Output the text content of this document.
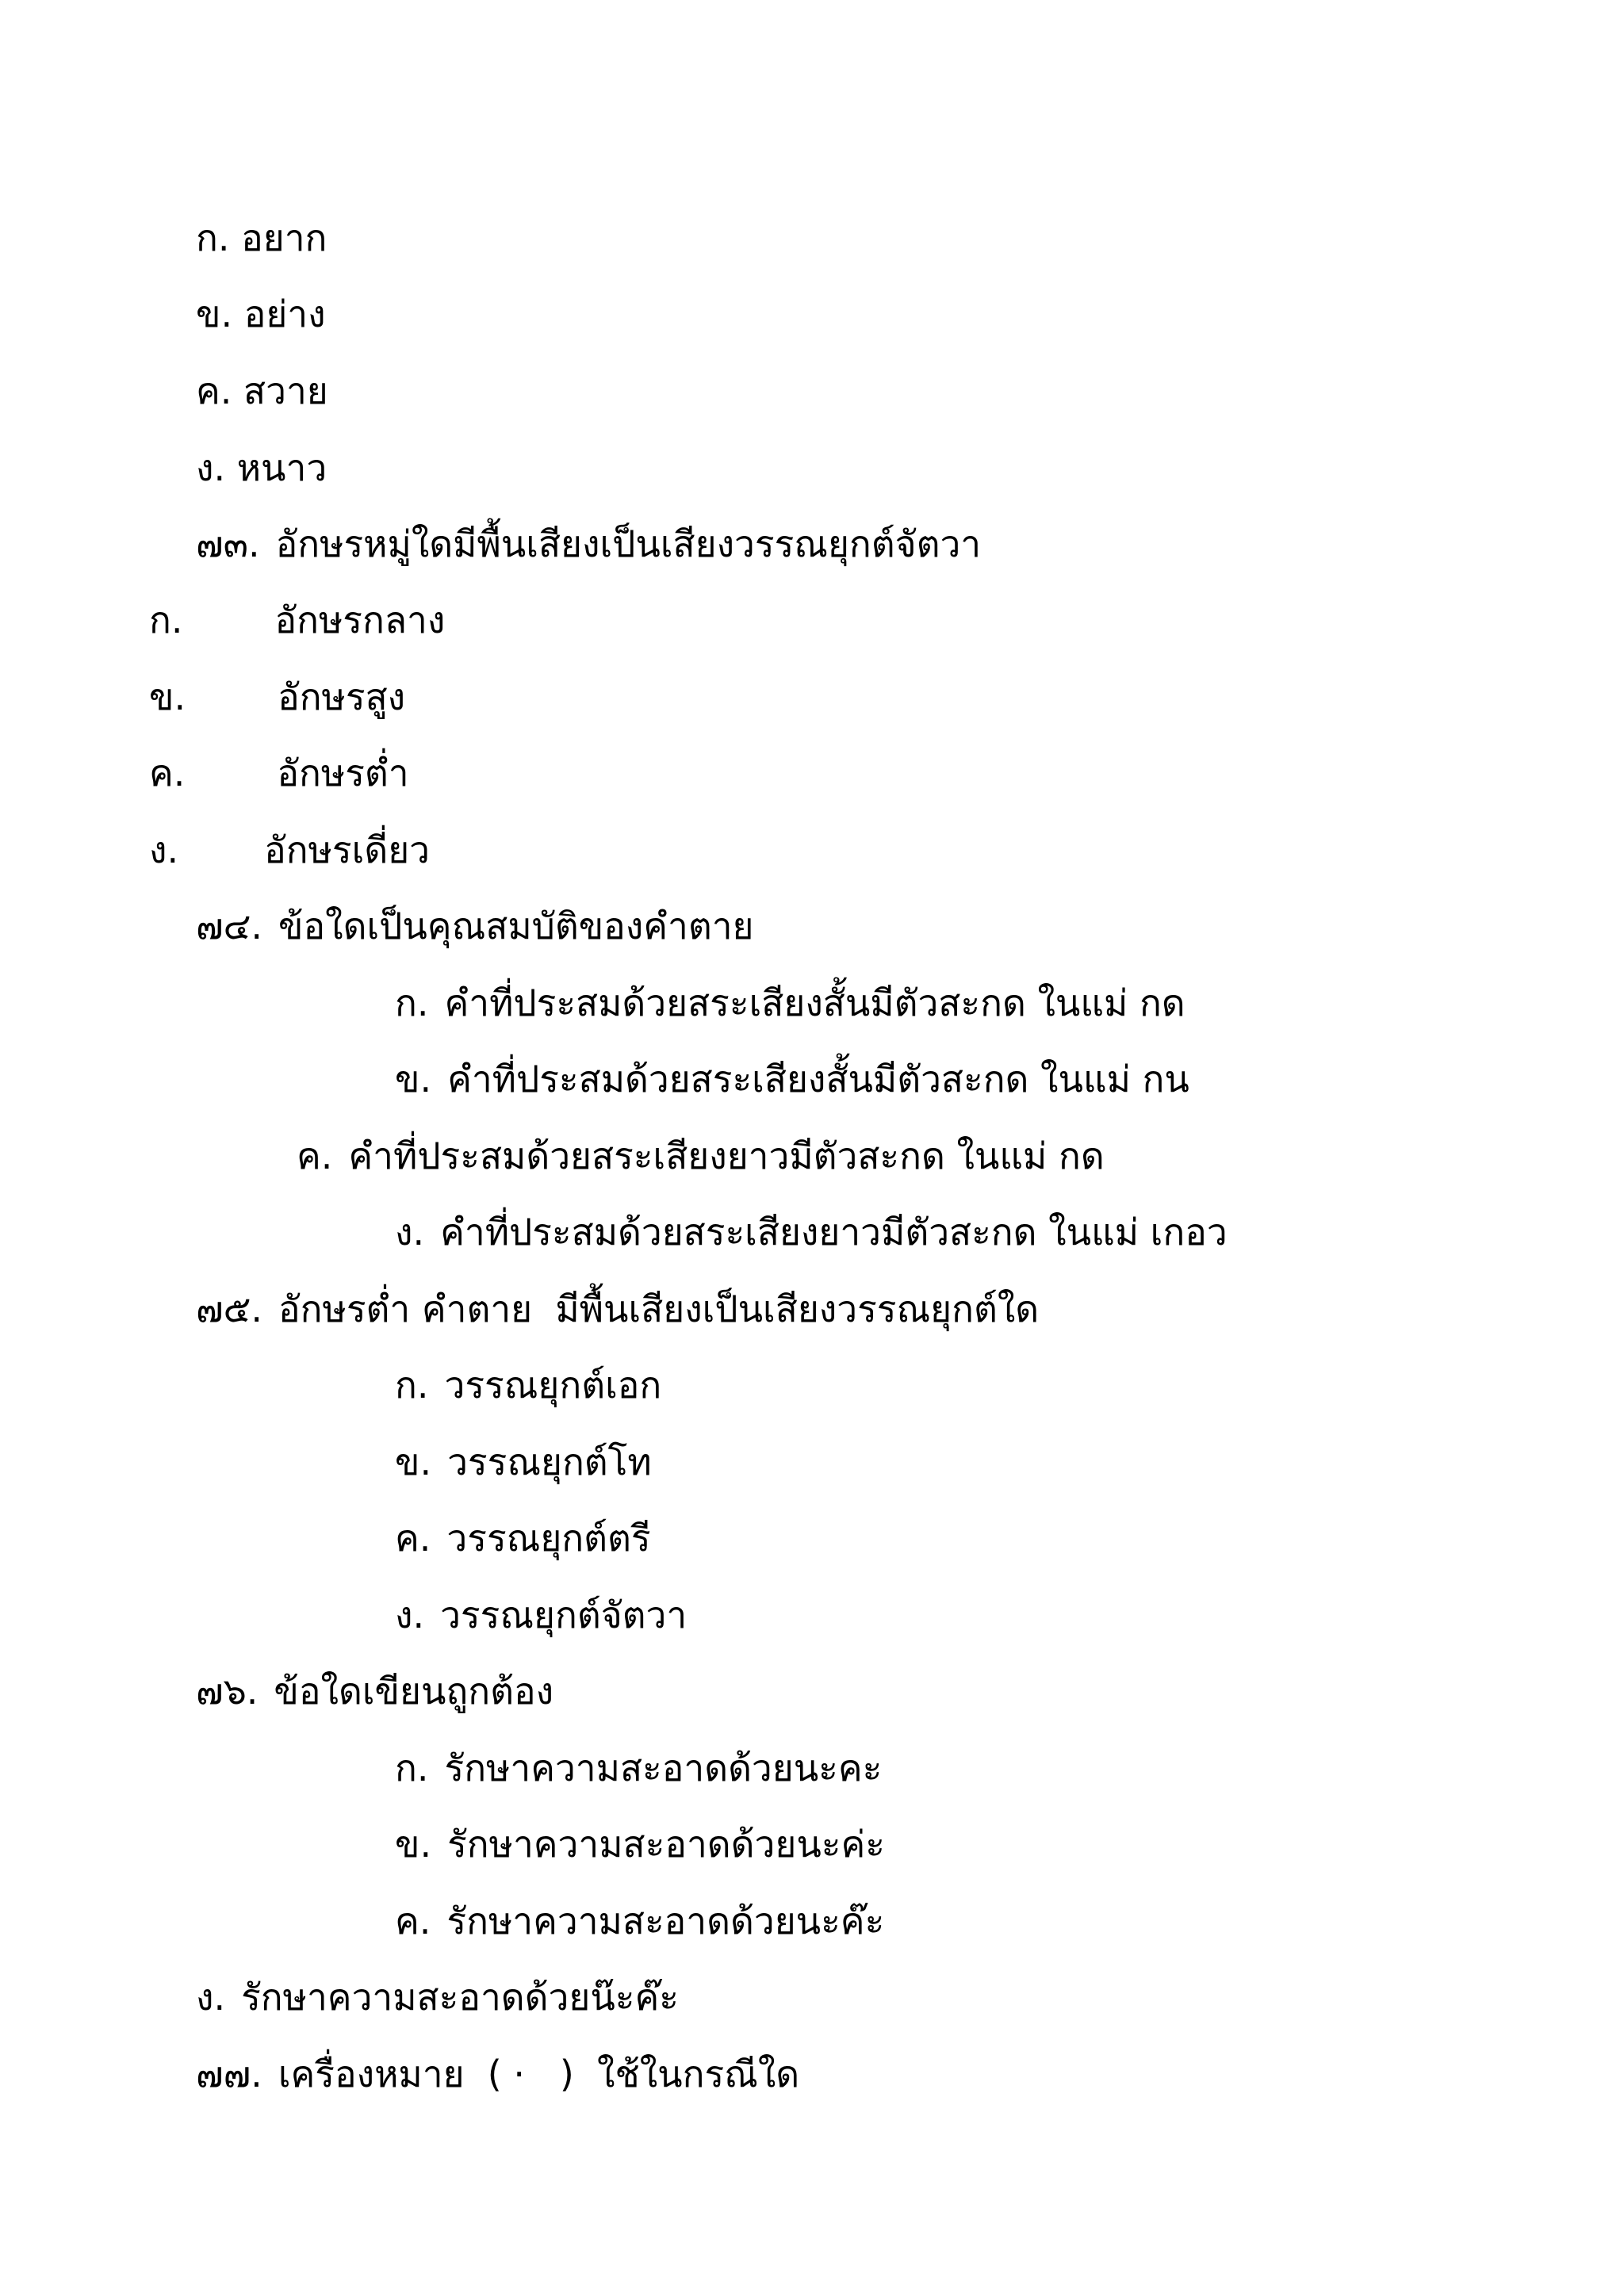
ก. อยาก
ข. อย่าง
ค. สวาย
ง. หนาว
๗๓. อักษรหมู่ใดมีพื้นเสียงเป็นเสียงวรรณยุกต์จัตวา
ก.	อักษรกลาง
ข.	อักษรสูง
ค.	อักษรต่ำ
ง. อักษรเดี่ยว
๗๔. ข้อใดเป็นคุณสมบัติของคำตาย
ก. คำที่ประสมด้วยสระเสียงสั้นมีตัวสะกด ในแม่ กด
ข. คำที่ประสมด้วยสระเสียงสั้นมีตัวสะกด ในแม่ กน
ค. คำที่ประสมด้วยสระเสียงยาวมีตัวสะกด ในแม่ กด
ง. คำที่ประสมด้วยสระเสียงยาวมีตัวสะกด ในแม่ เกอว
๗๕. อักษรต่ำ คำตาย  มีพื้นเสียงเป็นเสียงวรรณยุกต์ใด
ก. วรรณยุกต์เอก
ข. วรรณยุกต์โท
ค. วรรณยุกต์ตรี
ง. วรรณยุกต์จัตวา
๗๖. ข้อใดเขียนถูกต้อง
ก. รักษาความสะอาดด้วยนะคะ
ข. รักษาความสะอาดด้วยนะค่ะ
ค. รักษาความสะอาดด้วยนะค๊ะ
ง. รักษาความสะอาดด้วยน๊ะค๊ะ
๗๗. เครื่องหมาย  ( ·   )  ใช้ในกรณีใด
